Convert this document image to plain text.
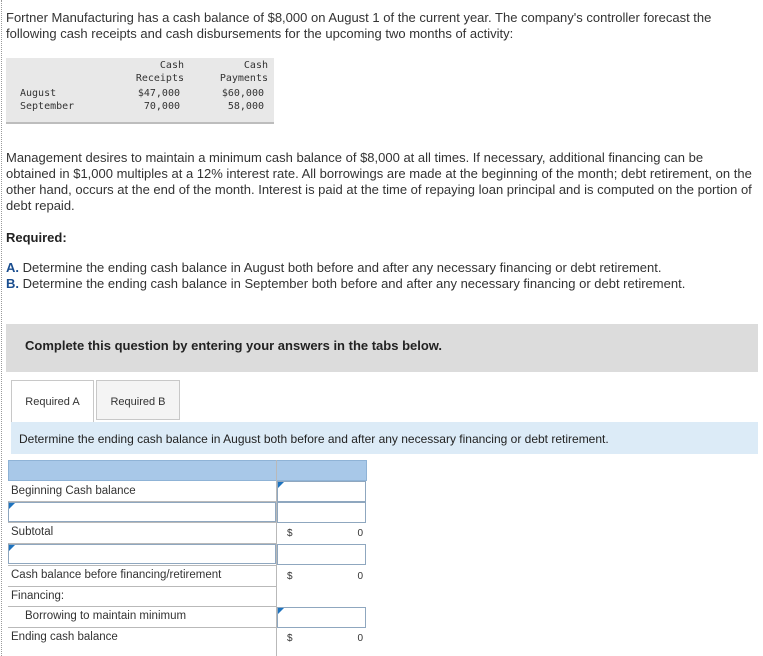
Fortner Manufacturing has a cash balance of $8,000 on August 1 of the current year. The company's controller forecast the following cash receipts and cash disbursements for the upcoming two months of activity:
Cash
Receipts
Cash
Payments
August	$47,000	$60,000
September	70,000	58,000
Management desires to maintain a minimum cash balance of $8,000 at all times. If necessary, additional financing can be obtained in $1,000 multiples at a 12% interest rate. All borrowings are made at the beginning of the month; debt retirement, on the other hand, occurs at the end of the month. Interest is paid at the time of repaying loan principal and is computed on the portion of debt repaid.
Required:
A. Determine the ending cash balance in August both before and after any necessary financing or debt retirement.
B. Determine the ending cash balance in September both before and after any necessary financing or debt retirement.
Complete this question by entering your answers in the tabs below.
Required A	Required B
Determine the ending cash balance in August both before and after any necessary financing or debt retirement.
Beginning Cash balance
Subtotal	$	0
Cash balance before financing/retirement	$	0
Financing:
Borrowing to maintain minimum
Ending cash balance	$	0
